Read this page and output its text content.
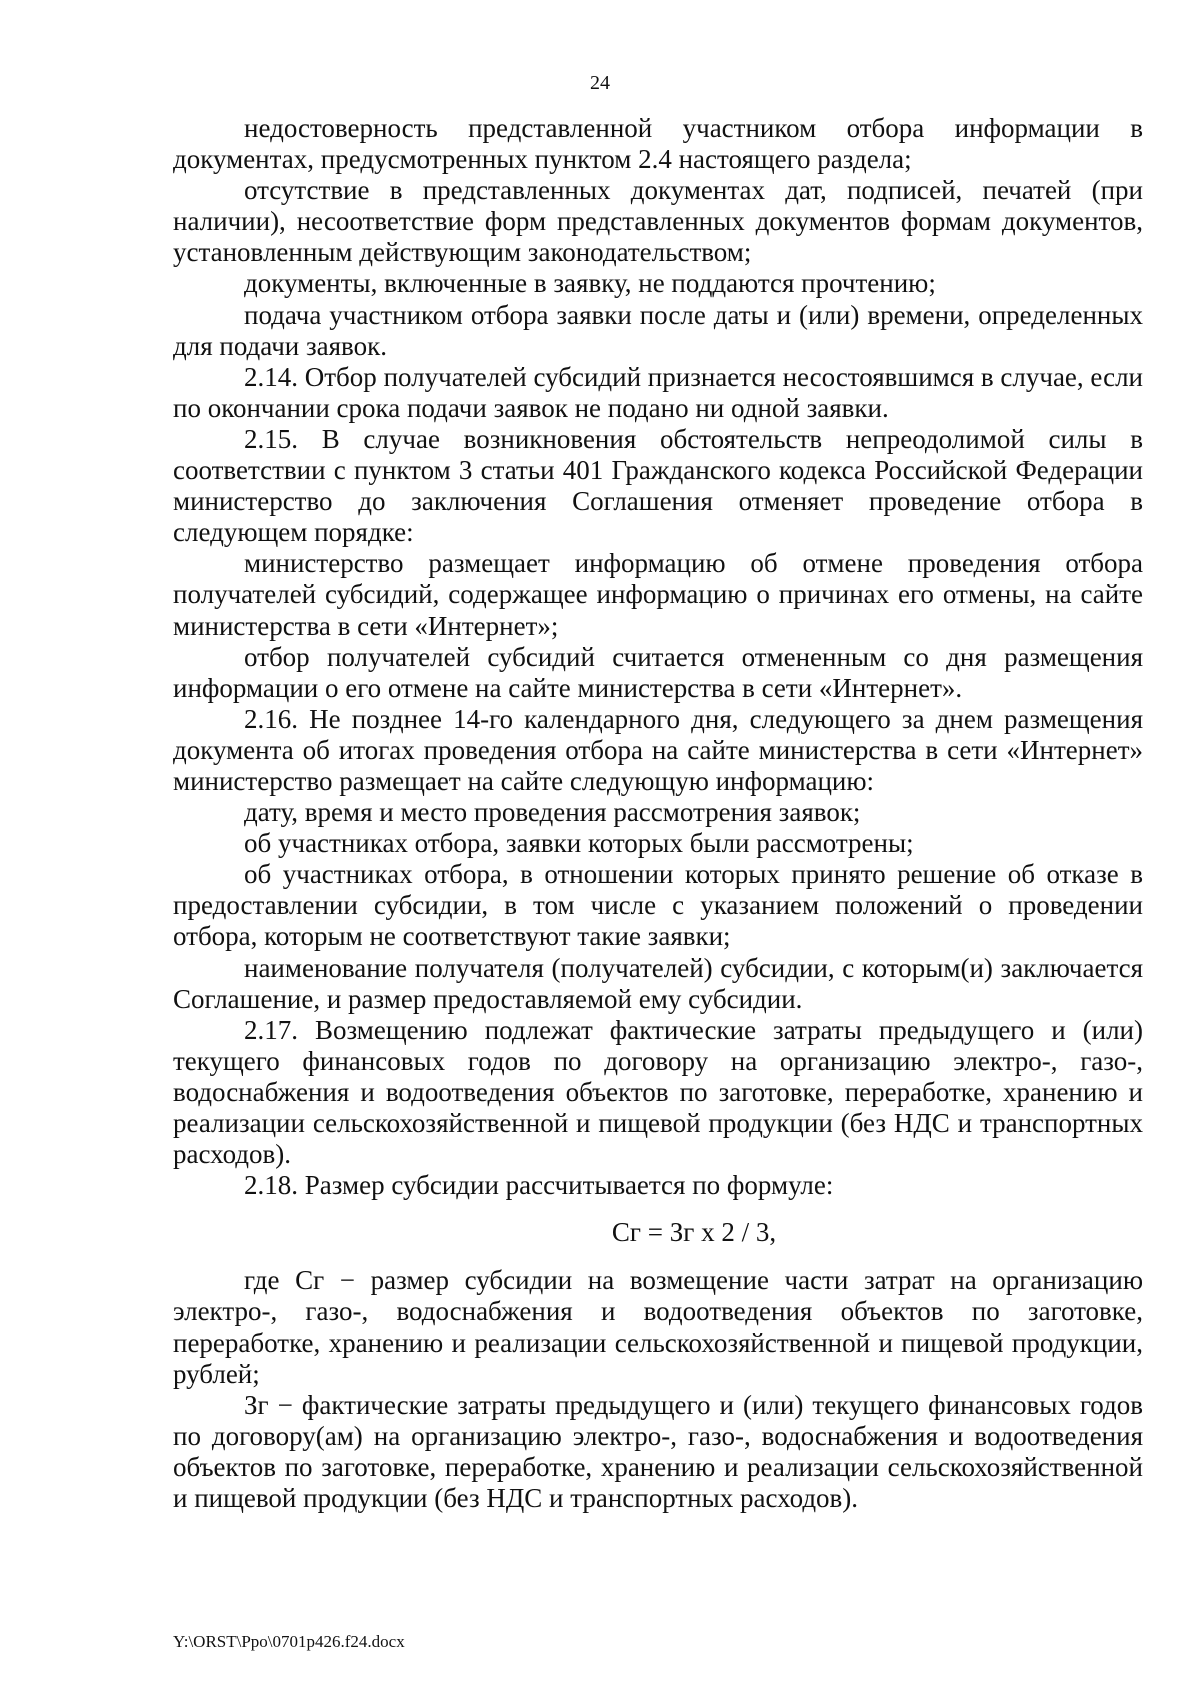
24

недостоверность представленной участником отбора информации в документах, предусмотренных пунктом 2.4 настоящего раздела;

отсутствие в представленных документах дат, подписей, печатей (при наличии), несоответствие форм представленных документов формам документов, установленным действующим законодательством;

документы, включенные в заявку, не поддаются прочтению;

подача участником отбора заявки после даты и (или) времени, определенных для подачи заявок.

2.14. Отбор получателей субсидий признается несостоявшимся в случае, если по окончании срока подачи заявок не подано ни одной заявки.

2.15. В случае возникновения обстоятельств непреодолимой силы в соответствии с пунктом 3 статьи 401 Гражданского кодекса Российской Федерации министерство до заключения Соглашения отменяет проведение отбора в следующем порядке:

министерство размещает информацию об отмене проведения отбора получателей субсидий, содержащее информацию о причинах его отмены, на сайте министерства в сети «Интернет»;

отбор получателей субсидий считается отмененным со дня размещения информации о его отмене на сайте министерства в сети «Интернет».

2.16. Не позднее 14-го календарного дня, следующего за днем размещения документа об итогах проведения отбора на сайте министерства в сети «Интернет» министерство размещает на сайте следующую информацию:

дату, время и место проведения рассмотрения заявок;

об участниках отбора, заявки которых были рассмотрены;

об участниках отбора, в отношении которых принято решение об отказе в предоставлении субсидии, в том числе с указанием положений о проведении отбора, которым не соответствуют такие заявки;

наименование получателя (получателей) субсидии, с которым(и) заключается Соглашение, и размер предоставляемой ему субсидии.

2.17. Возмещению подлежат фактические затраты предыдущего и (или) текущего финансовых годов по договору на организацию электро-, газо-, водоснабжения и водоотведения объектов по заготовке, переработке, хранению и реализации сельскохозяйственной и пищевой продукции (без НДС и транспортных расходов).

2.18. Размер субсидии рассчитывается по формуле:

Сг = Зг х 2 / 3,

где Сг − размер субсидии на возмещение части затрат на организацию электро-, газо-, водоснабжения и водоотведения объектов по заготовке, переработке, хранению и реализации сельскохозяйственной и пищевой продукции, рублей;

Зг − фактические затраты предыдущего и (или) текущего финансовых годов по договору(ам) на организацию электро-, газо-, водоснабжения и водоотведения объектов по заготовке, переработке, хранению и реализации сельскохозяйственной и пищевой продукции (без НДС и транспортных расходов).

Y:\ORST\Ppo\0701p426.f24.docx
